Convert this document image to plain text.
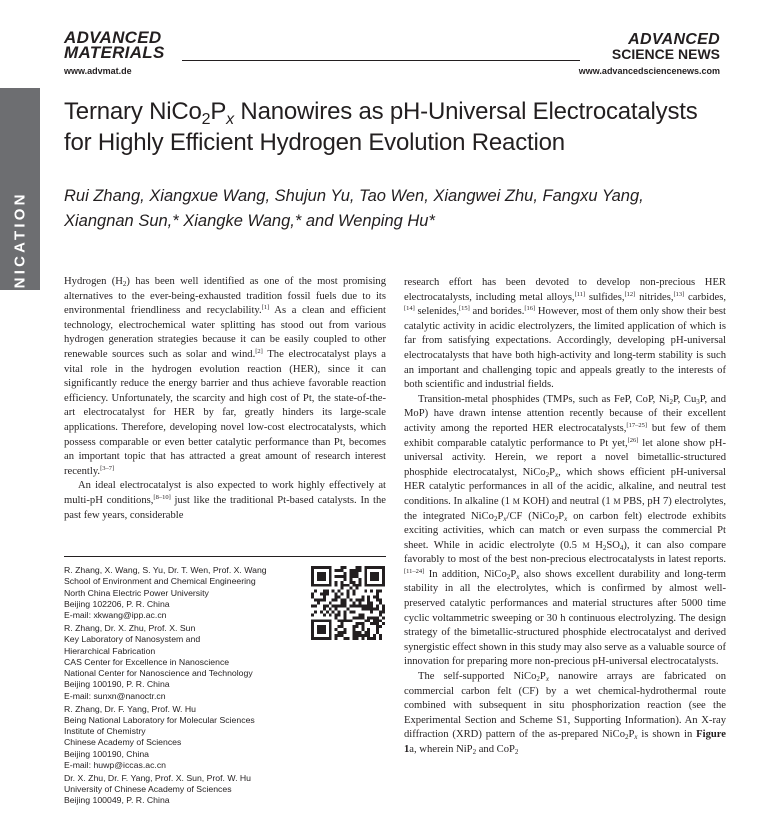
COMMUNICATION
ADVANCED
MATERIALS
www.advmat.de
ADVANCED
SCIENCE NEWS
www.advancedsciencenews.com
Ternary $NiCo_2P_x$ Nanowires as pH-Universal Electrocatalysts
for Highly Efficient Hydrogen Evolution Reaction
Rui Zhang, Xiangxue Wang, Shujun Yu, Tao Wen, Xiangwei Zhu, Fangxu Yang,
Xiangnan Sun,* Xiangke Wang,* and Wenping Hu*

Hydrogen $(H_2)$ has been well identified as one of the most promising alternatives to the ever-being-exhausted tradition fossil fuels due to its environmental friendliness and recyclability.[1] As a clean and efficient technology, electrochemical water splitting has stood out from various hydrogen generation strategies because it can be easily coupled to other renewable sources such as solar and wind.[2] The electrocatalyst plays a vital role in the hydrogen evolution reaction (HER), since it can significantly reduce the energy barrier and thus achieve favorable reaction efficiency. Unfortunately, the scarcity and high cost of Pt, the state-of-the-art electrocatalyst for HER by far, greatly hinders its large-scale applications. Therefore, developing novel low-cost electrocatalysts, which possess comparable or even better catalytic performance than Pt, becomes an important topic that has attracted a great amount of research interest recently.[3–7]

An ideal electrocatalyst is also expected to work highly effectively at multi-pH conditions,[8–10] just like the traditional Pt-based catalysts. In the past few years, considerable

R. Zhang, X. Wang, S. Yu, Dr. T. Wen, Prof. X. Wang
School of Environment and Chemical Engineering
North China Electric Power University
Beijing 102206, P. R. China
E-mail: xkwang@ipp.ac.cn
R. Zhang, Dr. X. Zhu, Prof. X. Sun
Key Laboratory of Nanosystem and
Hierarchical Fabrication
CAS Center for Excellence in Nanoscience
National Center for Nanoscience and Technology
Beijing 100190, P. R. China
E-mail: sunxn@nanoctr.cn
R. Zhang, Dr. F. Yang, Prof. W. Hu
Being National Laboratory for Molecular Sciences
Institute of Chemistry
Chinese Academy of Sciences
Beijing 100190, China
E-mail: huwp@iccas.ac.cn
Dr. X. Zhu, Dr. F. Yang, Prof. X. Sun, Prof. W. Hu
University of Chinese Academy of Sciences
Beijing 100049, P. R. China

research effort has been devoted to develop non-precious HER electrocatalysts, including metal alloys,[11] sulfides,[12] nitrides,[13] carbides,[14] selenides,[15] and borides.[16] However, most of them only show their best catalytic activity in acidic electrolyzers, the limited application of which is far from satisfying expectations. Accordingly, developing pH-universal electrocatalysts that have both high-activity and long-term stability is such an important and challenging topic and appeals greatly to the interests of both scientific and industrial fields.

Transition-metal phosphides (TMPs, such as FeP, CoP, $Ni_2P$, $Cu_3P$, and MoP) have drawn intense attention recently because of their excellent activity among the reported HER electrocatalysts,[17–25] but few of them exhibit comparable catalytic performance to Pt yet,[26] let alone show pH-universal activity. Herein, we report a novel bimetallic-structured phosphide electrocatalyst, $NiCo_2P_x$, which shows efficient pH-universal HER catalytic performances in all of the acidic, alkaline, and neutral test conditions. In alkaline (1 M KOH) and neutral (1 M PBS, pH 7) electrolytes, the integrated $NiCo_2P_x/CF$ ($NiCo_2P_x$ on carbon felt) electrode exhibits exciting activities, which can match or even surpass the commercial Pt sheet. While in acidic electrolyte (0.5 M $H_2SO_4$), it can also compare favorably to most of the best non-precious electrocatalysts in latest reports.[11–24] In addition, $NiCo_2P_x$ also shows excellent durability and long-term stability in all the electrolytes, which is confirmed by almost well-preserved catalytic performances and material structures after 5000 time cyclic voltammetric sweeping or 30 h continuous electrolyzing. The design strategy of the bimetallic-structured phosphide electrocatalyst and derived synergistic effect shown in this study may also serve as a valuable source of innovation for preparing more non-precious pH-universal electrocatalysts.

The self-supported $NiCo_2P_x$ nanowire arrays are fabricated on commercial carbon felt (CF) by a wet chemical-hydrothermal route combined with subsequent in situ phosphorization reaction (see the Experimental Section and Scheme S1, Supporting Information). An X-ray diffraction (XRD) pattern of the as-prepared $NiCo_2P_x$ is shown in Figure 1a, wherein NiP$_2$ and CoP$_2$
